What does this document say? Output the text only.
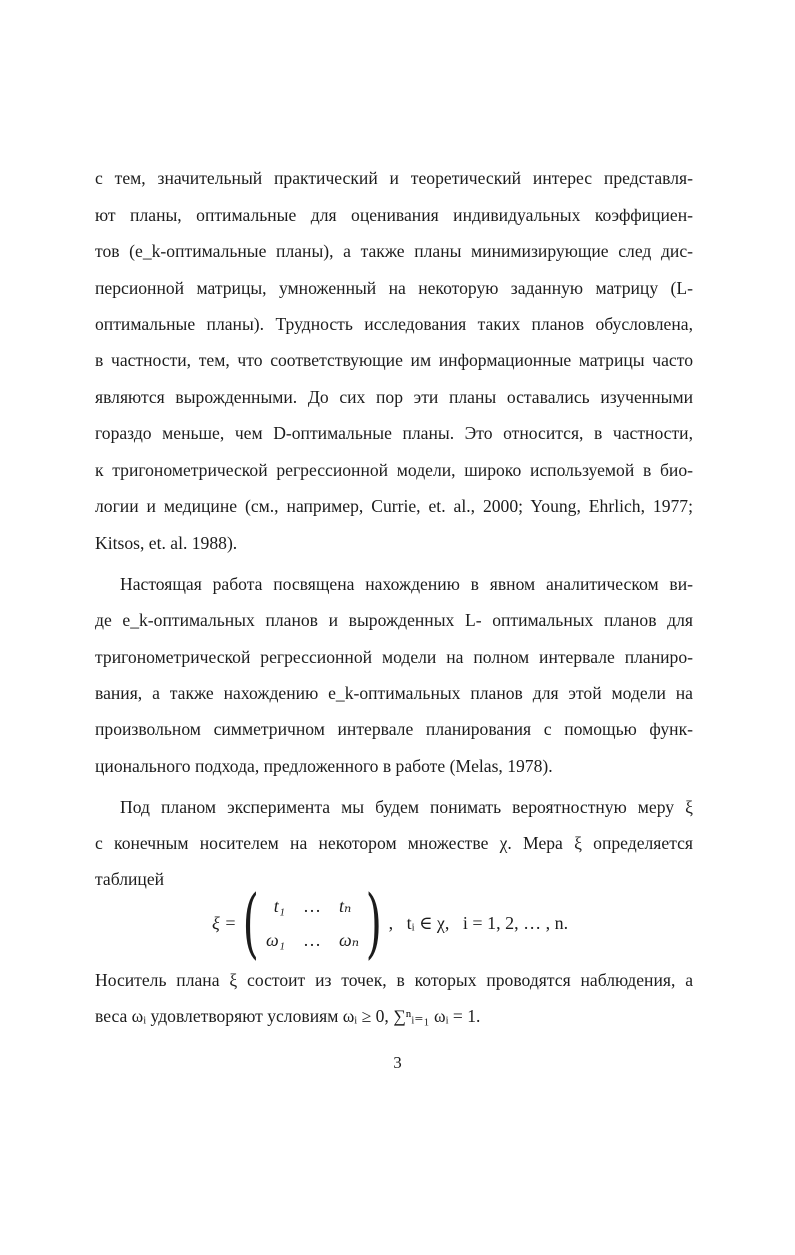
с тем, значительный практический и теоретический интерес представля-
ют планы, оптимальные для оценивания индивидуальных коэффициен-
тов (e_k-оптимальные планы), а также планы минимизирующие след дис-
персионной матрицы, умноженный на некоторую заданную матрицу (L-
оптимальные планы). Трудность исследования таких планов обусловлена,
в частности, тем, что соответствующие им информационные матрицы часто
являются вырожденными. До сих пор эти планы оставались изученными
гораздо меньше, чем D-оптимальные планы. Это относится, в частности,
к тригонометрической регрессионной модели, широко используемой в био-
логии и медицине (см., например, Currie, et. al., 2000; Young, Ehrlich, 1977;
Kitsos, et. al. 1988).
Настоящая работа посвящена нахождению в явном аналитическом ви-
де e_k-оптимальных планов и вырожденных L- оптимальных планов для
тригонометрической регрессионной модели на полном интервале планиро-
вания, а также нахождению e_k-оптимальных планов для этой модели на
произвольном симметричном интервале планирования с помощью функ-
ционального подхода, предложенного в работе (Melas, 1978).
Под планом эксперимента мы будем понимать вероятностную меру ξ
с конечным носителем на некотором множестве χ. Мера ξ определяется
таблицей
ξ = ( t₁ … tₙ
ω₁ … ωₙ ) ,   tᵢ ∈ χ,   i = 1, 2, … , n.
Носитель плана ξ состоит из точек, в которых проводятся наблюдения, а
веса ωᵢ удовлетворяют условиям ωᵢ ≥ 0, ∑ⁿᵢ₌₁ ωᵢ = 1.
3
